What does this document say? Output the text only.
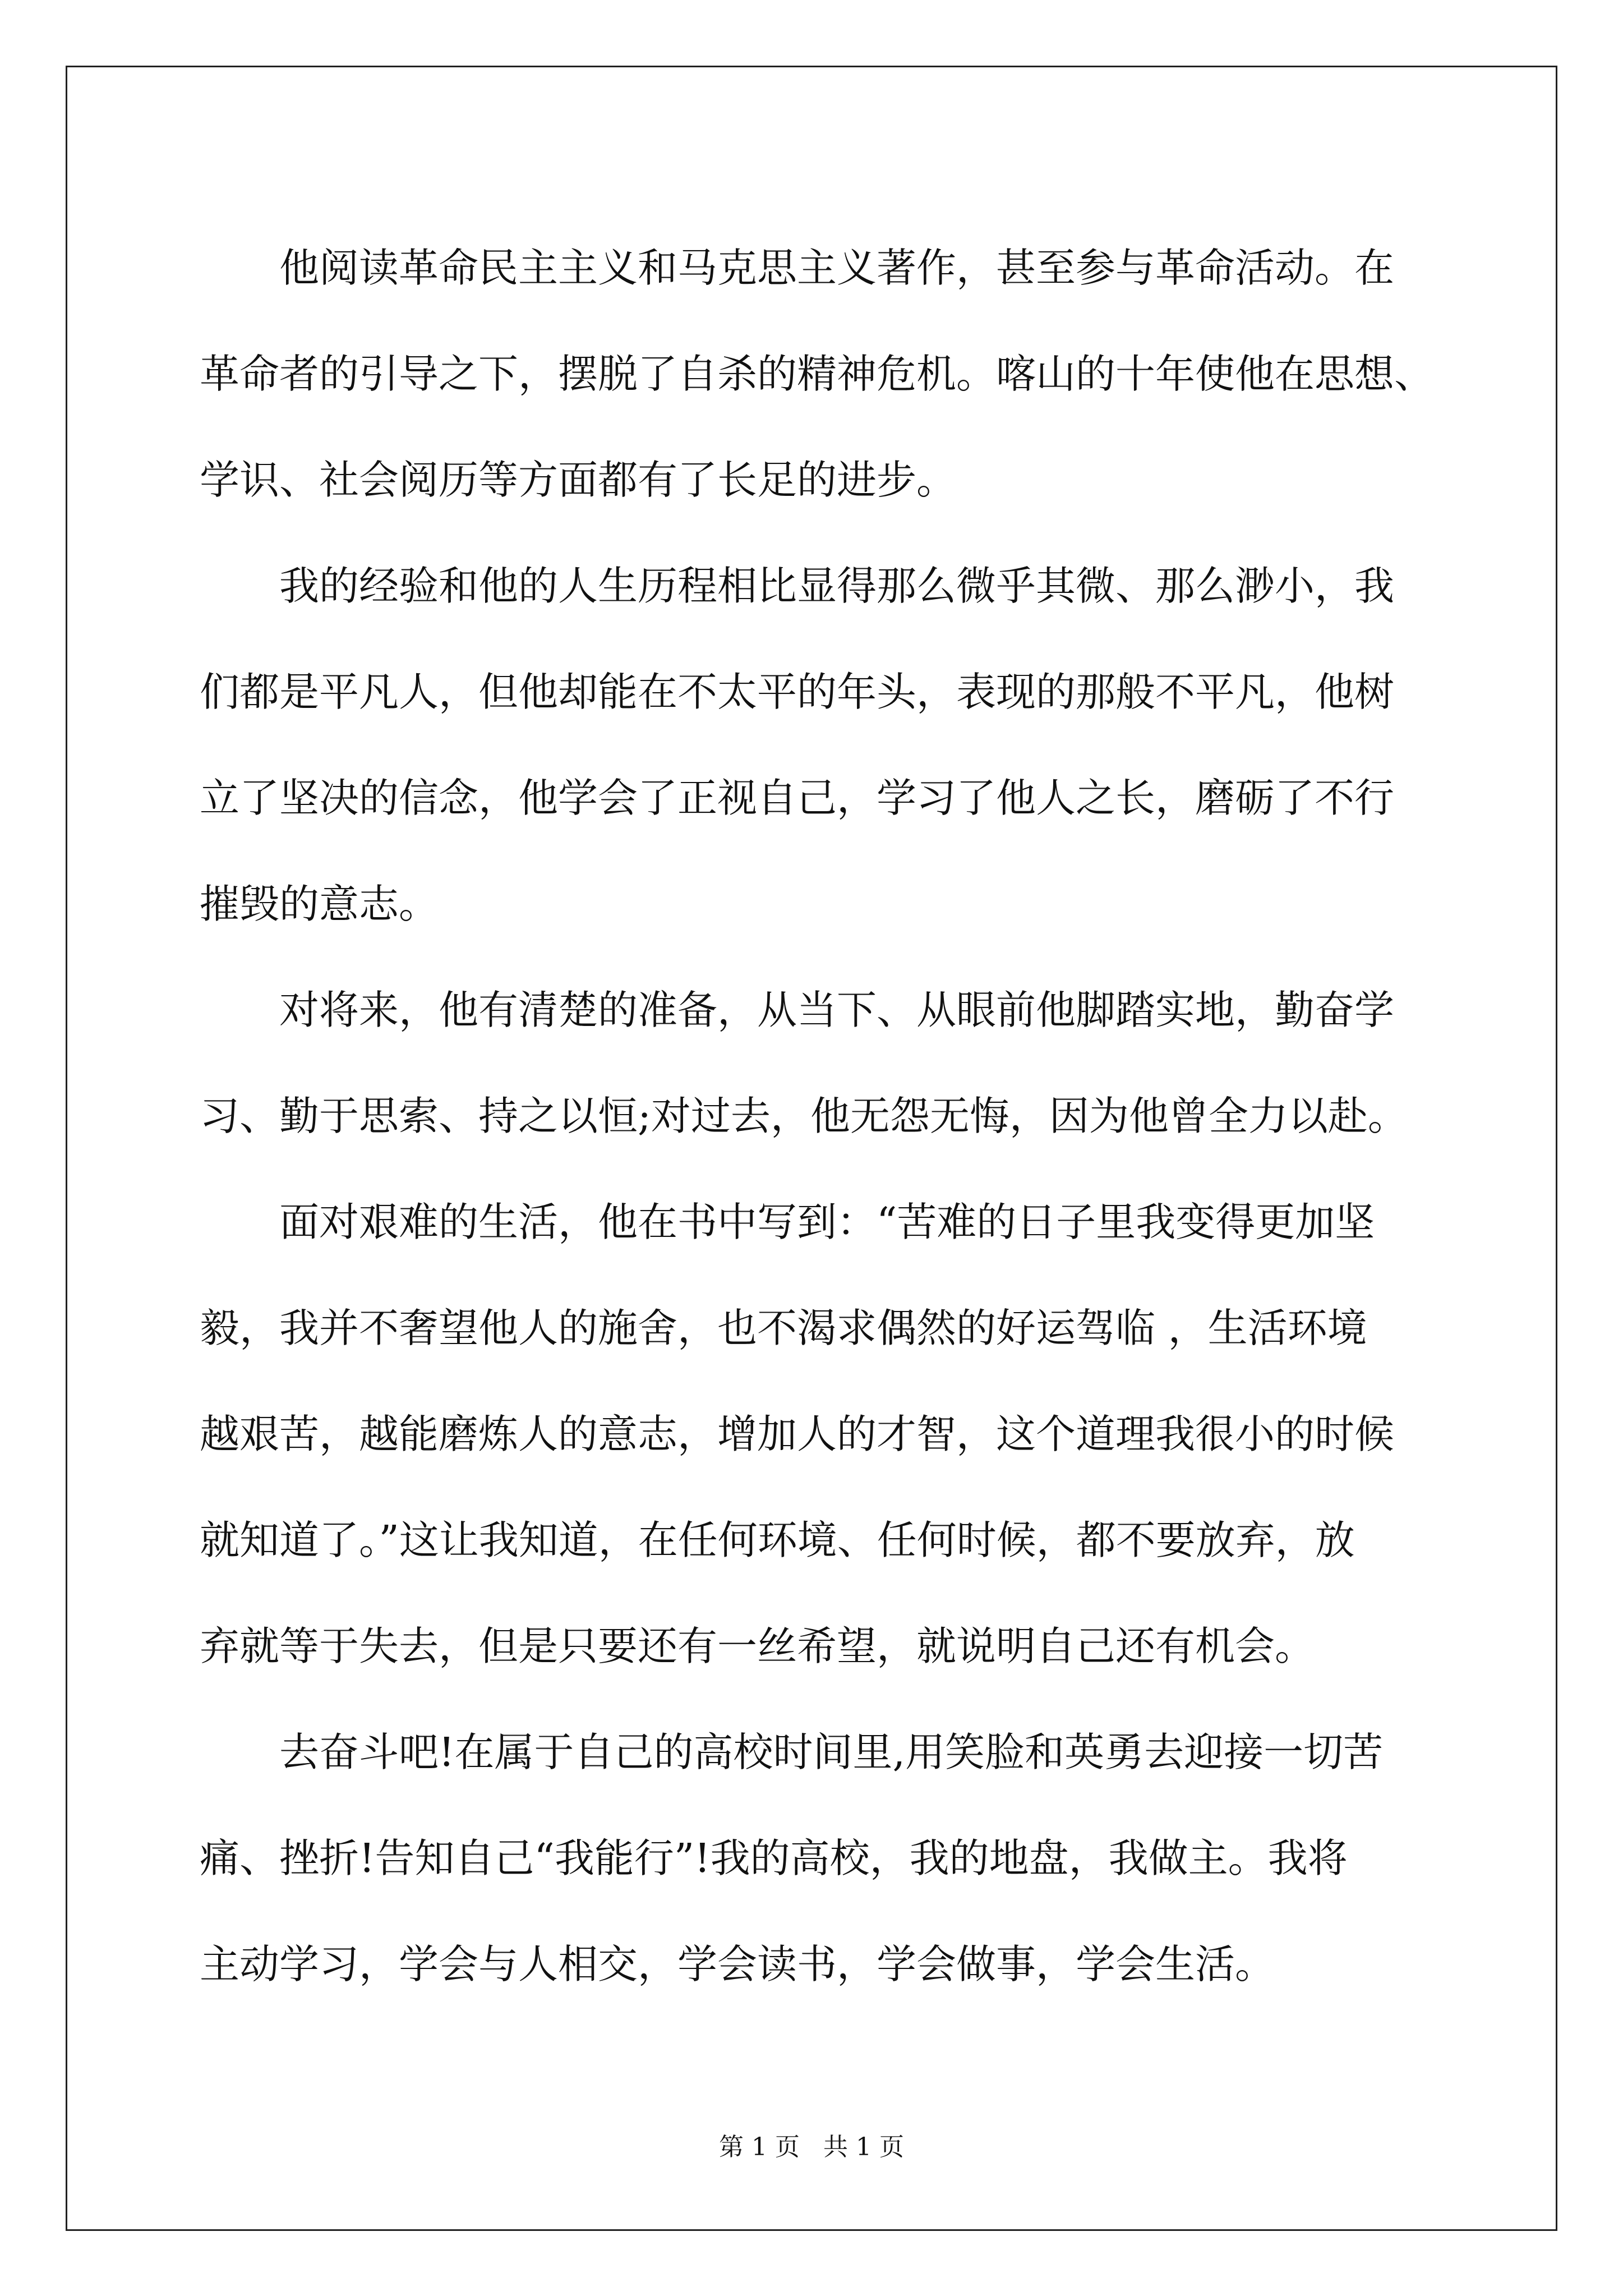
他阅读革命民主主义和马克思主义著作，甚至参与革命活动。在
革命者的引导之下，摆脱了自杀的精神危机。喀山的十年使他在思想、
学识、社会阅历等方面都有了长足的进步。
我的经验和他的人生历程相比显得那么微乎其微、那么渺小，我
们都是平凡人，但他却能在不太平的年头，表现的那般不平凡，他树
立了坚决的信念，他学会了正视自己，学习了他人之长，磨砺了不行
摧毁的意志。
对将来，他有清楚的准备，从当下、从眼前他脚踏实地，勤奋学
习、勤于思索、持之以恒;对过去，他无怨无悔，因为他曾全力以赴。
面对艰难的生活，他在书中写到：“苦难的日子里我变得更加坚
毅，我并不奢望他人的施舍，也不渴求偶然的好运驾临 ，生活环境
越艰苦，越能磨炼人的意志，增加人的才智，这个道理我很小的时候
就知道了。”这让我知道，在任何环境、任何时候，都不要放弃，放
弃就等于失去，但是只要还有一丝希望，就说明自己还有机会。
去奋斗吧!在属于自己的高校时间里,用笑脸和英勇去迎接一切苦
痛、挫折!告知自己“我能行”!我的高校，我的地盘，我做主。我将
主动学习，学会与人相交，学会读书，学会做事，学会生活。
第 1 页   共 1 页
